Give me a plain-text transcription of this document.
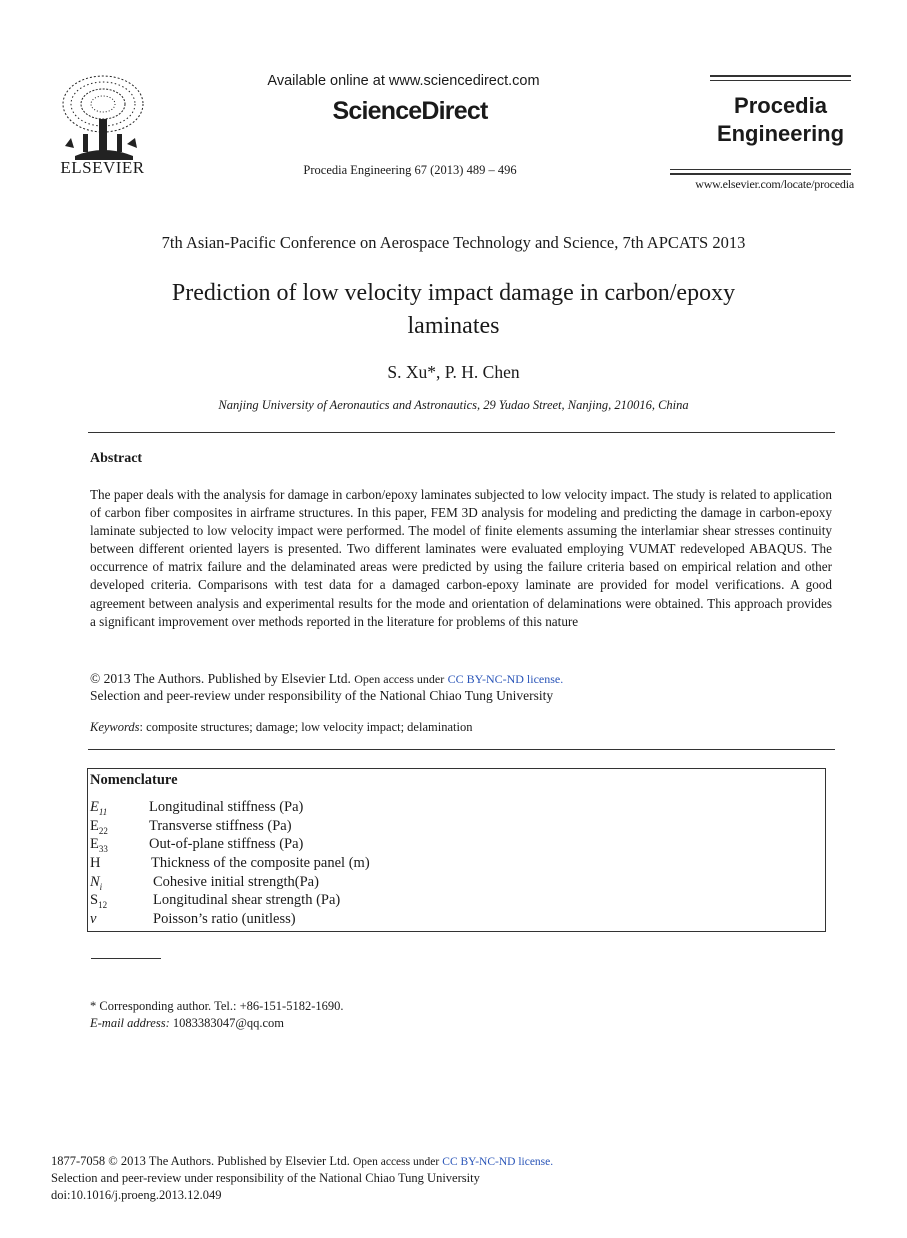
ELSEVIER
Available online at www.sciencedirect.com
ScienceDirect
Procedia Engineering 67 (2013) 489 – 496
Procedia
Engineering
www.elsevier.com/locate/procedia
7th Asian-Pacific Conference on Aerospace Technology and Science, 7th APCATS 2013
Prediction of low velocity impact damage in carbon/epoxy
laminates
S. Xu*, P. H. Chen
Nanjing University of Aeronautics and Astronautics, 29 Yudao Street, Nanjing, 210016, China
Abstract
The paper deals with the analysis for damage in carbon/epoxy laminates subjected to low velocity impact. The study is related to application of carbon fiber composites in airframe structures. In this paper, FEM 3D analysis for modeling and predicting the damage in carbon-epoxy laminate subjected to low velocity impact were performed. The model of finite elements assuming the interlamiar shear stresses continuity between different oriented layers is presented. Two different laminates were evaluated employing VUMAT redeveloped ABAQUS. The occurrence of matrix failure and the delaminated areas were predicted by using the failure criteria based on empirical relation and other developed criteria. Comparisons with test data for a damaged carbon-epoxy laminate are provided for model verifications. A good agreement between analysis and experimental results for the mode and orientation of delaminations were obtained. This approach provides a significant improvement over methods reported in the literature for problems of this nature
© 2013 The Authors. Published by Elsevier Ltd. Open access under CC BY-NC-ND license.
Selection and peer-review under responsibility of the National Chiao Tung University
Keywords: composite structures; damage; low velocity impact; delamination
Nomenclature
$E_{11}$	Longitudinal stiffness (Pa)
$E_{22}$	Transverse stiffness (Pa)
$E_{33}$	Out-of-plane stiffness (Pa)
H	Thickness of the composite panel (m)
$N_i$	Cohesive initial strength(Pa)
$S_{12}$	Longitudinal shear strength (Pa)
v	Poisson’s ratio (unitless)
* Corresponding author. Tel.: +86-151-5182-1690.
E-mail address: 1083383047@qq.com
1877-7058 © 2013 The Authors. Published by Elsevier Ltd. Open access under CC BY-NC-ND license.
Selection and peer-review under responsibility of the National Chiao Tung University
doi:10.1016/j.proeng.2013.12.049
